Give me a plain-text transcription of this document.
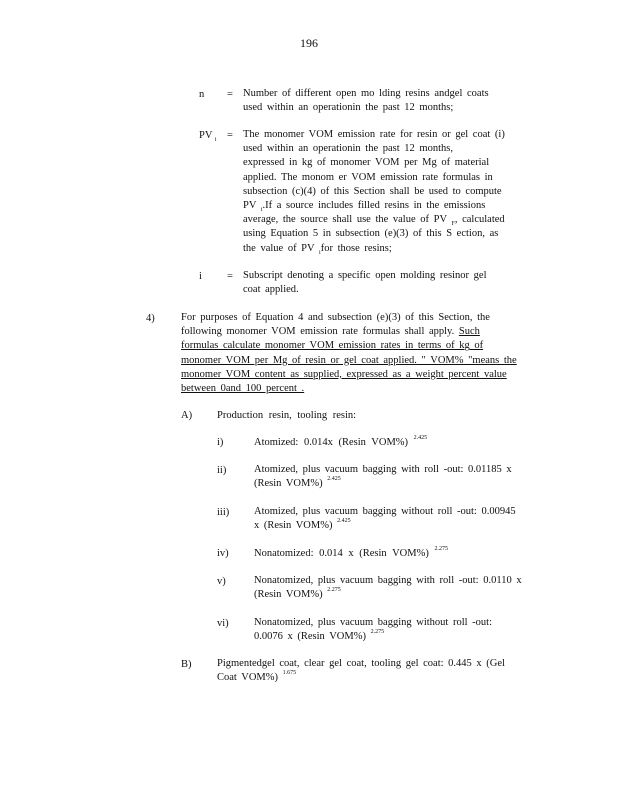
196
n = Number of different open mo lding resins andgel coats
used within an operationin the past 12 months;
PV $_i$ = The monomer VOM emission rate for resin or gel coat (i)
used within an operationin the past 12 months,
expressed in kg of monomer VOM per Mg of material
applied. The monom er VOM emission rate formulas in
subsection (c)(4) of this Section shall be used to compute
PV $_i$.If a source includes filled resins in the emissions
average, the source shall use the value of PV $_F$, calculated
using Equation 5 in subsection (e)(3) of this S ection, as
the value of PV $_i$for those resins;
i = Subscript denoting a specific open molding resinor gel
coat applied.
4)	For purposes of Equation 4 and subsection (e)(3) of this Section, the
following monomer VOM emission rate formulas shall apply. Such
formulas calculate monomer VOM emission rates in terms of kg of
monomer VOM per Mg of resin or gel coat applied. " VOM% "means the
monomer VOM content as supplied, expressed as a weight percent value
between 0and 100 percent .
A) Production resin, tooling resin:
i)	Atomized: 0.014x (Resin VOM%) $^{2.425}$
ii)	Atomized, plus vacuum bagging with roll -out: 0.01185 x
(Resin VOM%) $^{2.425}$
iii) Atomized, plus vacuum bagging without roll -out: 0.00945
x (Resin VOM%) $^{2.425}$
iv) Nonatomized: 0.014 x (Resin VOM%) $^{2.275}$
v)	Nonatomized, plus vacuum bagging with roll -out: 0.0110 x
(Resin VOM%) $^{2.275}$
vi) Nonatomized, plus vacuum bagging without roll -out:
0.0076 x (Resin VOM%) $^{2.275}$
B) Pigmentedgel coat, clear gel coat, tooling gel coat: 0.445 x (Gel
Coat VOM%) $^{1.675}$
